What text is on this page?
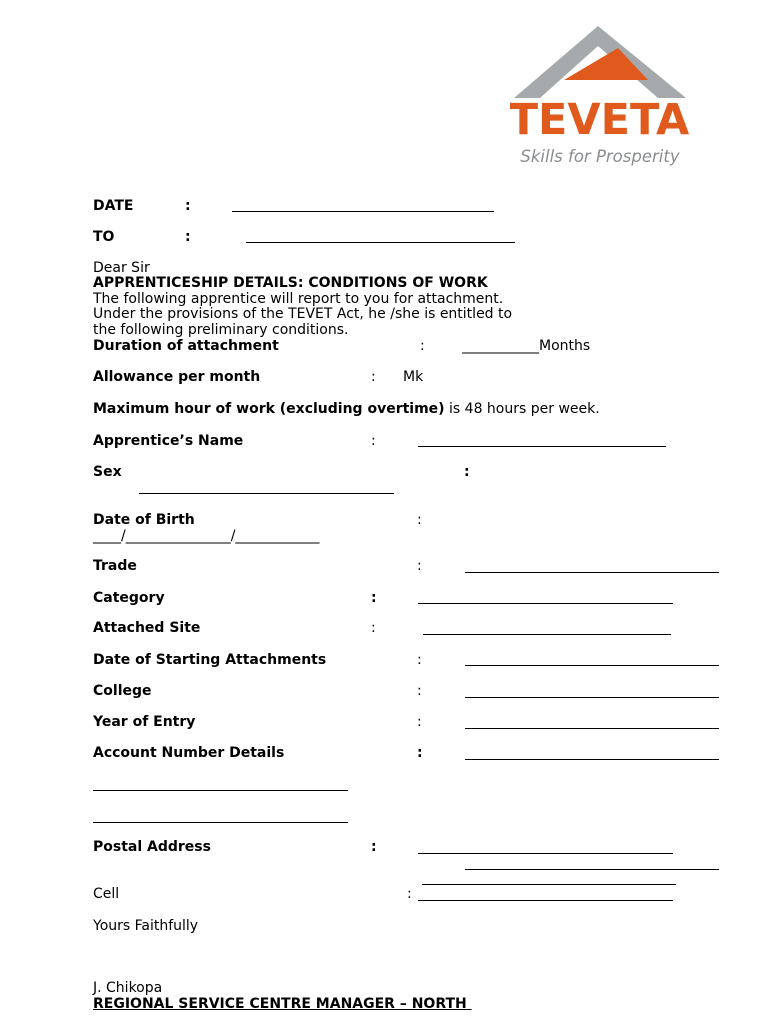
TEVETA
Skills for Prosperity
DATE	:
TO	:
Dear Sir
APPRENTICESHIP DETAILS: CONDITIONS OF WORK
The following apprentice will report to you for attachment.
Under the provisions of the TEVET Act, he /she is entitled to
the following preliminary conditions.
Duration of attachment	:	___________Months
Allowance per month	: Mk
Maximum hour of work (excluding overtime) is 48 hours per week.
Apprentice’s Name	:
Sex	:
Date of Birth	:
____/_______________/____________
Trade	:
Category	:
Attached Site	:
Date of Starting Attachments	:
College	:
Year of Entry	:
Account Number Details	:
Postal Address	:
Cell	:
Yours Faithfully
J. Chikopa
REGIONAL SERVICE CENTRE MANAGER – NORTH
